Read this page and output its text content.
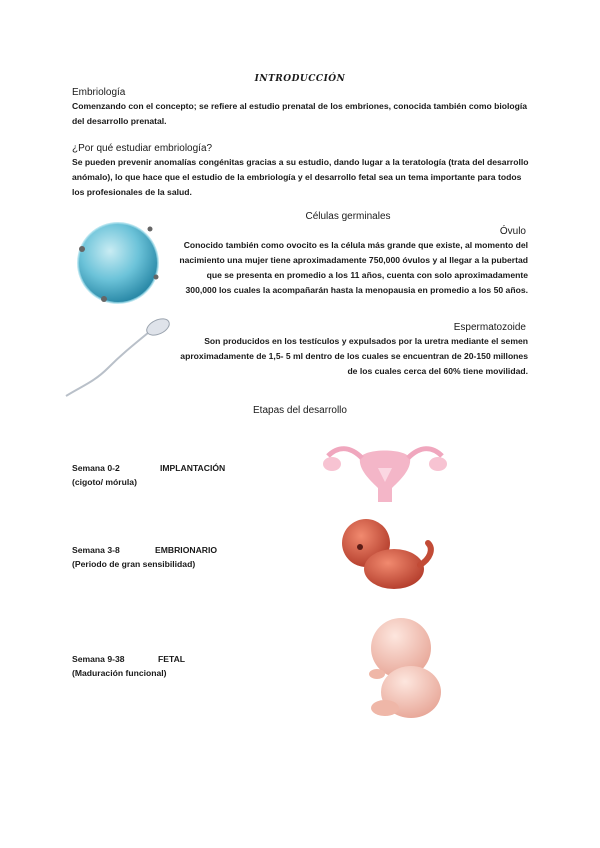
INTRODUCCIÓN
Embriología
Comenzando con el concepto; se refiere al estudio prenatal de los embriones, conocida también como biología del desarrollo prenatal.
¿Por qué estudiar embriología?
Se pueden prevenir anomalías congénitas gracias a su estudio, dando lugar a la teratología (trata del desarrollo anómalo), lo que hace que el estudio de la embriología y el desarrollo fetal sea un tema importante para todos los profesionales de la salud.
Células germinales
Óvulo
Conocido también como ovocito es la célula más grande que existe, al momento del nacimiento una mujer tiene aproximadamente 750,000 óvulos y al llegar a la pubertad que se presenta en promedio a los 11 años, cuenta con solo aproximadamente 300,000 los cuales la acompañarán hasta la menopausia en promedio a los 50 años.
Espermatozoide
Son producidos en los testículos y expulsados por la uretra mediante el semen aproximadamente de 1,5- 5 ml dentro de los cuales se encuentran de 20-150 millones de los cuales cerca del 60% tiene movilidad.
Etapas del desarrollo
Semana 0-2	IMPLANTACIÓN
(cigoto/ mórula)
Semana 3-8	EMBRIONARIO
(Periodo de gran sensibilidad)
Semana 9-38	FETAL
(Maduración funcional)
